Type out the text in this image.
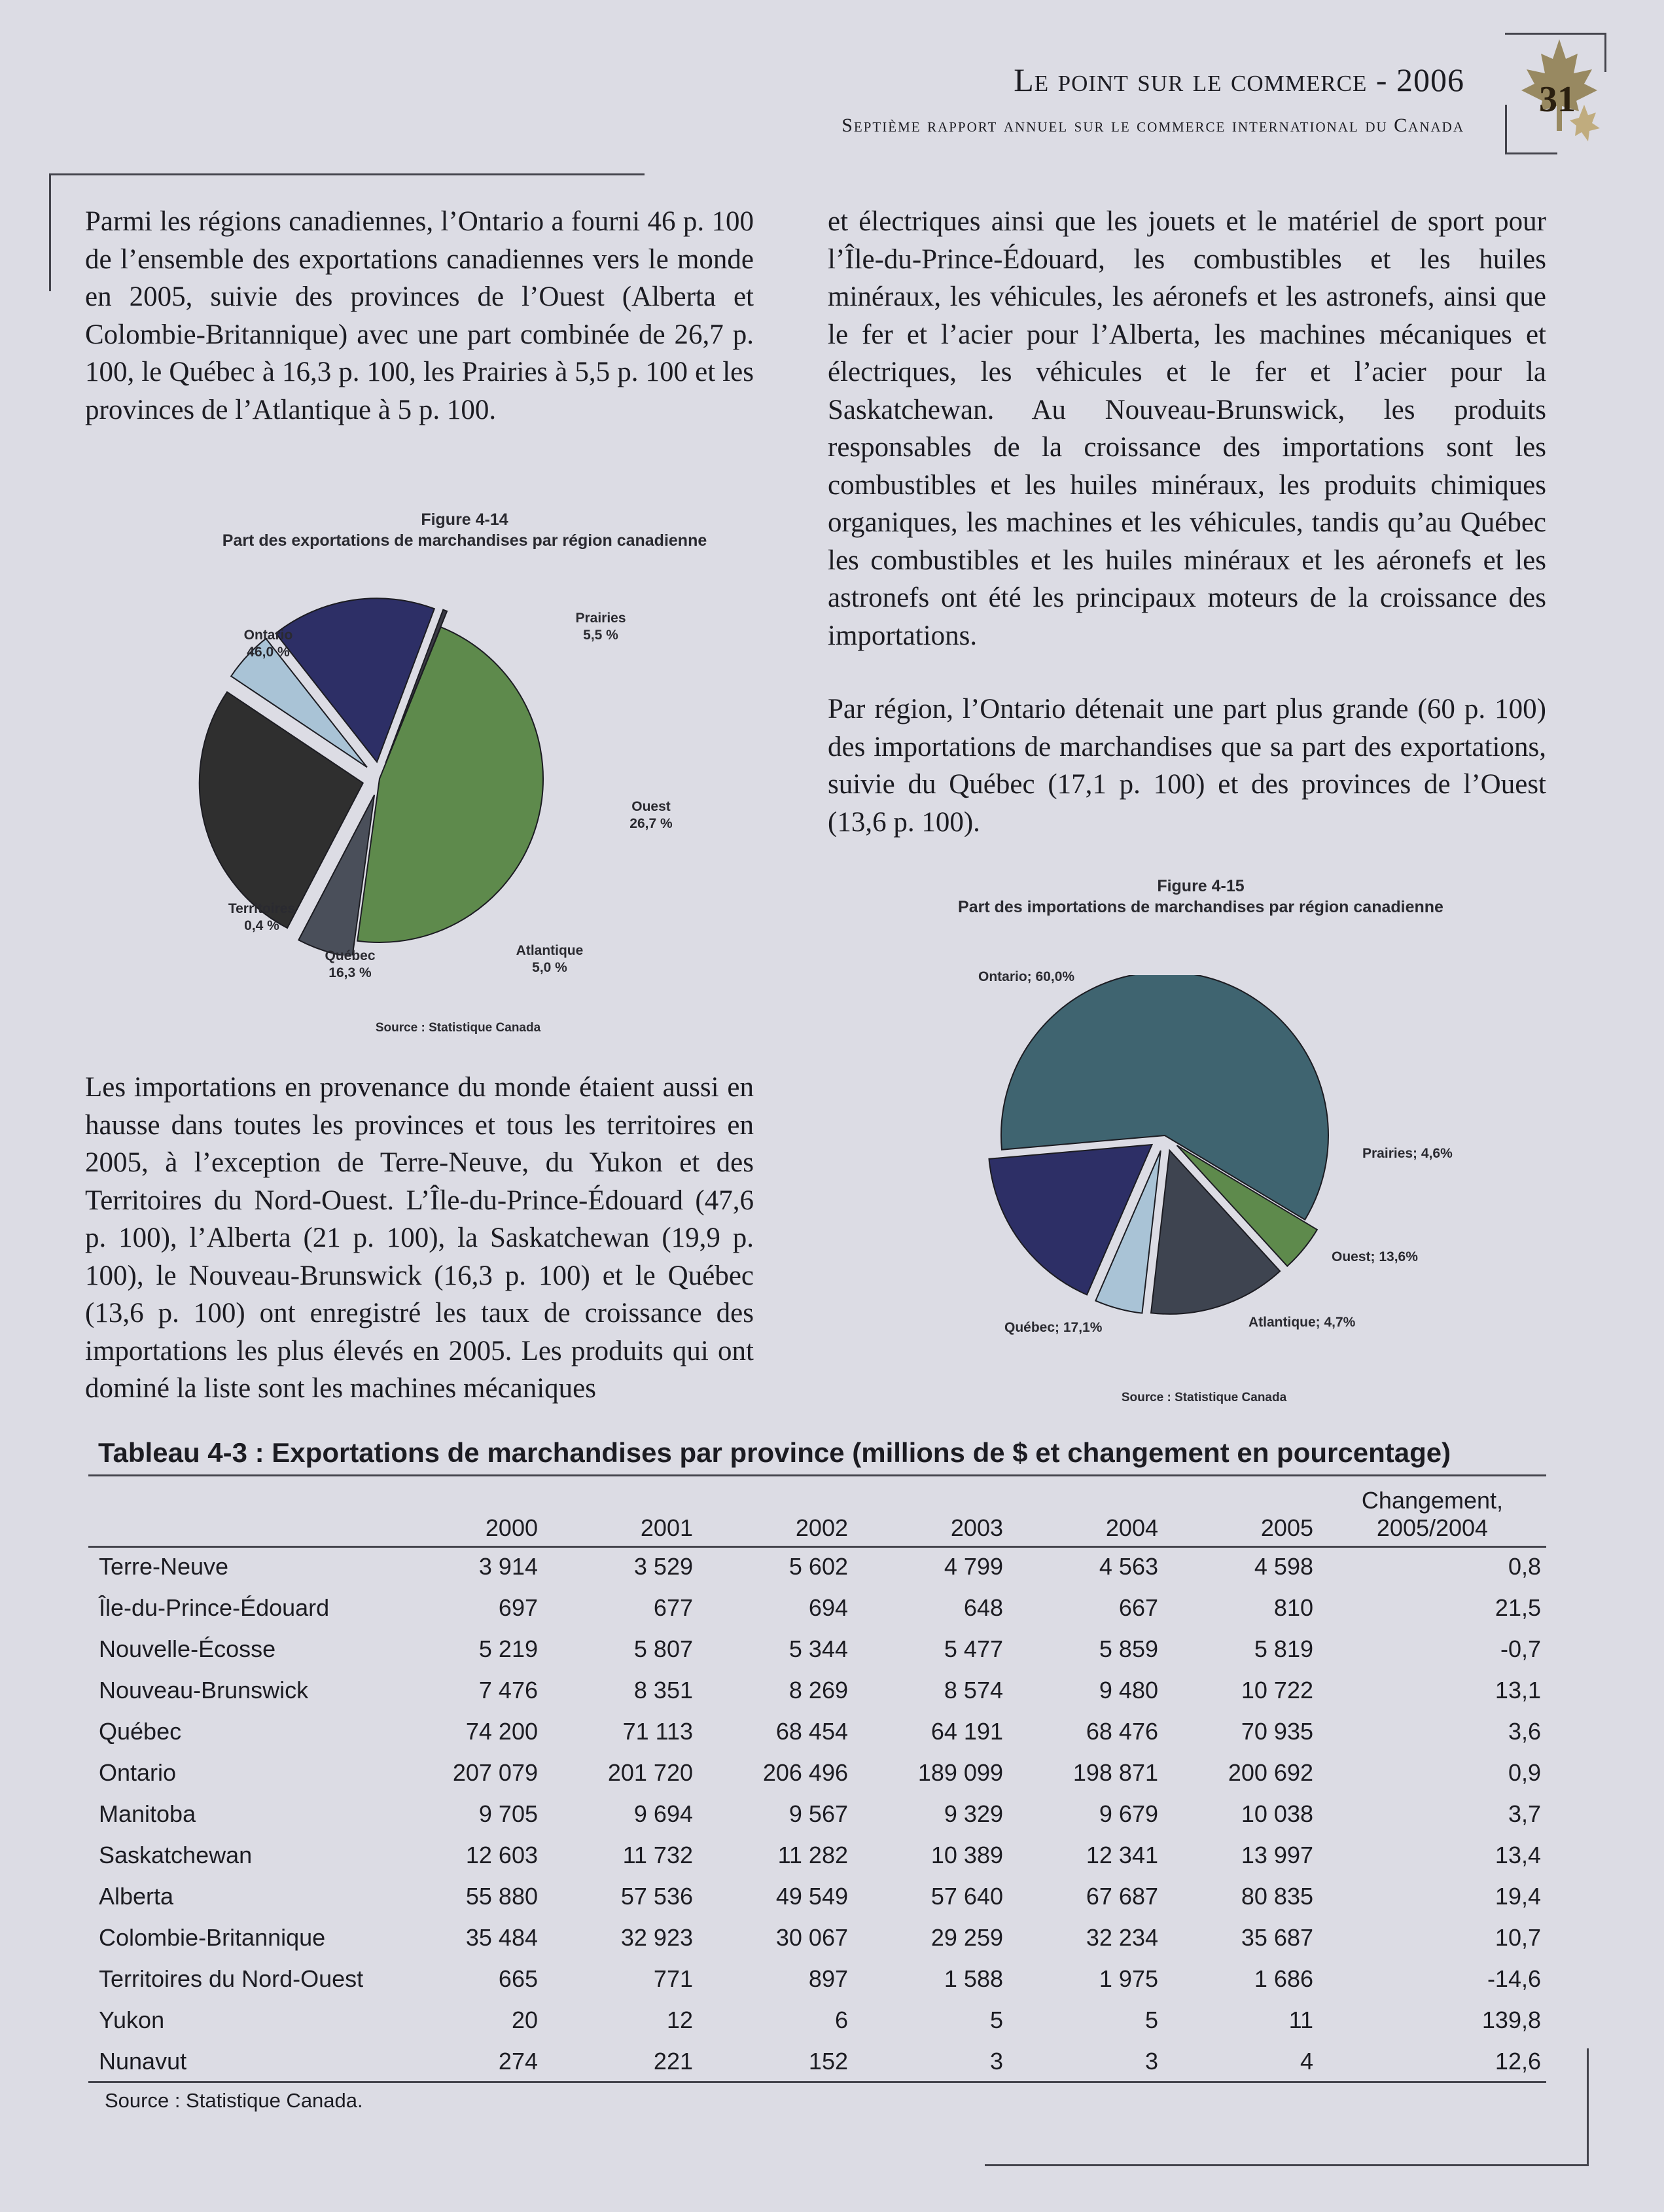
Le point sur le commerce - 2006
Septième rapport annuel sur le commerce international du Canada
31

Parmi les régions canadiennes, l’Ontario a fourni 46 p. 100 de l’ensemble des exportations canadiennes vers le monde en 2005, suivie des provinces de l’Ouest (Alberta et Colombie-Britannique) avec une part combinée de 26,7 p. 100, le Québec à 16,3 p. 100, les Prairies à 5,5 p. 100 et les provinces de l’Atlantique à 5 p. 100.

Figure 4-14
Part des exportations de marchandises par région canadienne
Ontario
46,0 %
Prairies
5,5 %
Ouest
26,7 %
Atlantique
5,0 %
Québec
16,3 %
Territoires
0,4 %
Source : Statistique Canada

Les importations en provenance du monde étaient aussi en hausse dans toutes les provinces et tous les territoires en 2005, à l’exception de Terre-Neuve, du Yukon et des Territoires du Nord-Ouest. L’Île-du-Prince-Édouard (47,6 p. 100), l’Alberta (21 p. 100), la Saskatchewan (19,9 p. 100), le Nouveau-Brunswick (16,3 p. 100) et le Québec (13,6 p. 100) ont enregistré les taux de croissance des importations les plus élevés en 2005. Les produits qui ont dominé la liste sont les machines mécaniques

et électriques ainsi que les jouets et le matériel de sport pour l’Île-du-Prince-Édouard, les combustibles et les huiles minéraux, les véhicules, les aéronefs et les astronefs, ainsi que le fer et l’acier pour l’Alberta, les machines mécaniques et électriques, les véhicules et le fer et l’acier pour la Saskatchewan. Au Nouveau-Brunswick, les produits responsables de la croissance des importations sont les combustibles et les huiles minéraux, les produits chimiques organiques, les machines et les véhicules, tandis qu’au Québec les combustibles et les huiles minéraux et les aéronefs et les astronefs ont été les principaux moteurs de la croissance des importations.

Par région, l’Ontario détenait une part plus grande (60 p. 100) des importations de marchandises que sa part des exportations, suivie du Québec (17,1 p. 100) et des provinces de l’Ouest (13,6 p. 100).

Figure 4-15
Part des importations de marchandises par région canadienne
Ontario; 60,0%
Prairies; 4,6%
Ouest; 13,6%
Atlantique; 4,7%
Québec; 17,1%
Source : Statistique Canada
Tableau 4-3 : Exportations de marchandises par province (millions de $ et changement en pourcentage)
	2000	2001	2002	2003	2004	2005	Changement,
2005/2004
Terre-Neuve	3 914	3 529	5 602	4 799	4 563	4 598	0,8
Île-du-Prince-Édouard	697	677	694	648	667	810	21,5
Nouvelle-Écosse	5 219	5 807	5 344	5 477	5 859	5 819	-0,7
Nouveau-Brunswick	7 476	8 351	8 269	8 574	9 480	10 722	13,1
Québec	74 200	71 113	68 454	64 191	68 476	70 935	3,6
Ontario	207 079	201 720	206 496	189 099	198 871	200 692	0,9
Manitoba	9 705	9 694	9 567	9 329	9 679	10 038	3,7
Saskatchewan	12 603	11 732	11 282	10 389	12 341	13 997	13,4
Alberta	55 880	57 536	49 549	57 640	67 687	80 835	19,4
Colombie-Britannique	35 484	32 923	30 067	29 259	32 234	35 687	10,7
Territoires du Nord-Ouest	665	771	897	1 588	1 975	1 686	-14,6
Yukon	20	12	6	5	5	11	139,8
Nunavut	274	221	152	3	3	4	12,6
Source : Statistique Canada.
